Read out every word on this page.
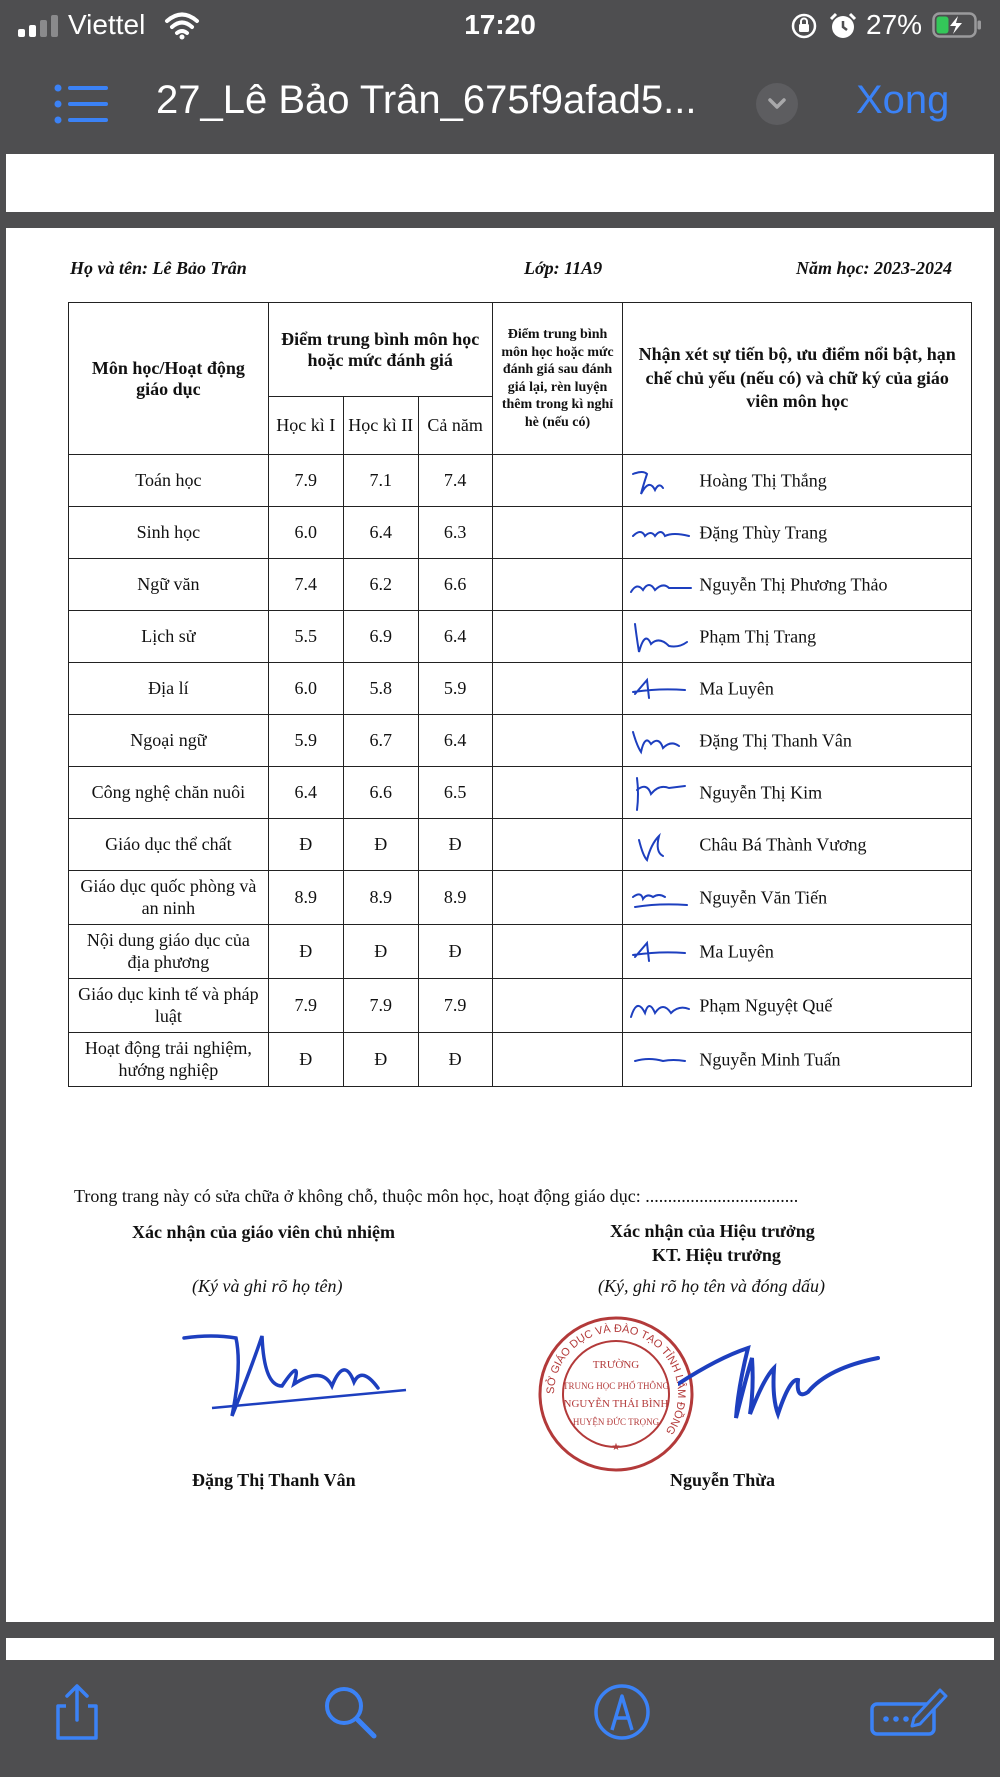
Viettel	17:20	27%
27_Lê Bảo Trân_675f9afad5...	Xong
Họ và tên: Lê Bảo Trân	Lớp: 11A9	Năm học: 2023-2024
Môn học/Hoạt động giáo dục	Điểm trung bình môn học hoặc mức đánh giá			Điểm trung bình môn học hoặc mức đánh giá sau đánh giá lại, rèn luyện thêm trong kì nghỉ hè (nếu có)	Nhận xét sự tiến bộ, ưu điểm nổi bật, hạn chế chủ yếu (nếu có) và chữ ký của giáo viên môn học
	Học kì I	Học kì II	Cả năm		
Toán học	7.9	7.1	7.4		Hoàng Thị Thắng

Sinh học	6.0	6.4	6.3		Đặng Thùy Trang

Ngữ văn	7.4	6.2	6.6		Nguyễn Thị Phương Thảo

Lịch sử	5.5	6.9	6.4		Phạm Thị Trang

Địa lí	6.0	5.8	5.9		Ma Luyên

Ngoại ngữ	5.9	6.7	6.4		Đặng Thị Thanh Vân

Công nghệ chăn nuôi	6.4	6.6	6.5		Nguyễn Thị Kim

Giáo dục thể chất	Đ	Đ	Đ		Châu Bá Thành Vương

Giáo dục quốc phòng và an ninh	8.9	8.9	8.9		Nguyễn Văn Tiến

Nội dung giáo dục của địa phương	Đ	Đ	Đ		Ma Luyên

Giáo dục kinh tế và pháp luật	7.9	7.9	7.9		Phạm Nguyệt Quế

Hoạt động trải nghiệm, hướng nghiệp	Đ	Đ	Đ		Nguyễn Minh Tuấn
Trong trang này có sửa chữa ở không chỗ, thuộc môn học, hoạt động giáo dục: ..................................
Xác nhận của giáo viên chủ nhiệm
(Ký và ghi rõ họ tên)
Đặng Thị Thanh Vân
Xác nhận của Hiệu trưởng
KT. Hiệu trưởng
(Ký, ghi rõ họ tên và đóng dấu)
SỞ GIÁO DỤC VÀ ĐÀO TẠO TỈNH LÂM ĐỒNG
TRƯỜNG
TRUNG HỌC PHỔ THÔNG
NGUYỄN THÁI BÌNH
HUYỆN ĐỨC TRỌNG
★
Nguyễn Thừa
